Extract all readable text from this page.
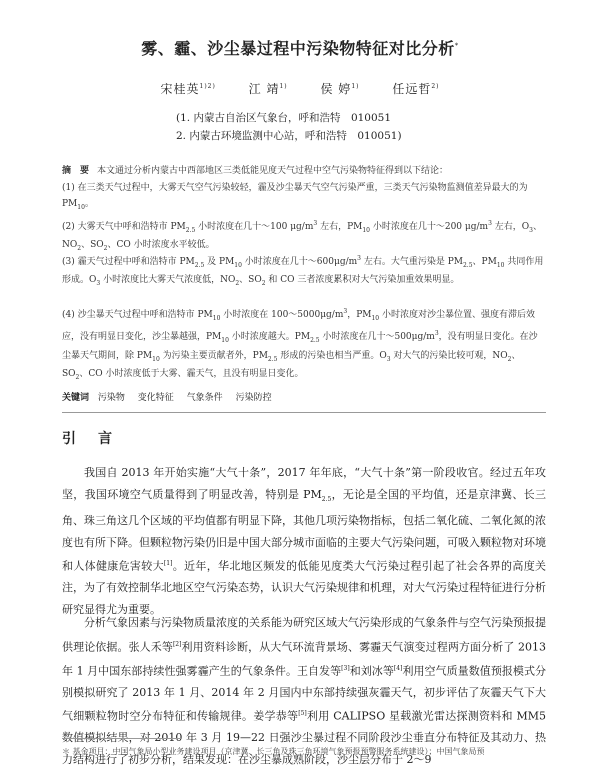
雾、霾、沙尘暴过程中污染物特征对比分析*
宋桂英$^{1)2)}$	江 靖$^{1)}$	侯 婷$^{1)}$	任远哲$^{2)}$
(1. 内蒙古自治区气象台，呼和浩特　010051
2. 内蒙古环境监测中心站，呼和浩特　010051)
摘　要 本文通过分析内蒙古中西部地区三类低能见度天气过程中空气污染物特征得到以下结论：
(1) 在三类天气过程中，大雾天气空气污染较轻，霾及沙尘暴天气空气污染严重，三类天气污染物监测值差异最大的为 $PM_{10}$。
(2) 大雾天气中呼和浩特市 $PM_{2.5}$ 小时浓度在几十～100 $\mu g/m^3$ 左右，$PM_{10}$ 小时浓度在几十～200 $\mu g/m^3$ 左右，$O_3$、$NO_2$、$SO_2$、CO 小时浓度水平较低。
(3) 霾天气过程中呼和浩特市 $PM_{2.5}$ 及 $PM_{10}$ 小时浓度在几十$\sim 600\mu g/m^3$ 左右。大气重污染是 $PM_{2.5}$、$PM_{10}$ 共同作用形成。$O_3$ 小时浓度比大雾天气浓度低，$NO_2$、$SO_2$ 和 CO 三者浓度累积对大气污染加重效果明显。
(4) 沙尘暴天气过程中呼和浩特市 $PM_{10}$ 小时浓度在 $100\sim 5000\mu g/m^3$，$PM_{10}$ 小时浓度对沙尘暴位置、强度有滞后效应，没有明显日变化，沙尘暴越强，$PM_{10}$ 小时浓度越大。$PM_{2.5}$ 小时浓度在几十$\sim 500\mu g/m^3$，没有明显日变化。在沙尘暴天气期间，除 $PM_{10}$ 为污染主要贡献者外，$PM_{2.5}$ 形成的污染也相当严重。$O_3$ 对大气的污染比较可观，$NO_2$、$SO_2$、CO 小时浓度低于大雾、霾天气，且没有明显日变化。
关键词 污染物 变化特征 气象条件 污染防控
引　言
我国自 2013 年开始实施“大气十条”，2017 年年底，“大气十条”第一阶段收官。经过五年攻坚，我国环境空气质量得到了明显改善，特别是 $PM_{2.5}$，无论是全国的平均值，还是京津冀、长三角、珠三角这几个区域的平均值都有明显下降，其他几项污染物指标，包括二氧化硫、二氧化氮的浓度也有所下降。但颗粒物污染仍旧是中国大部分城市面临的主要大气污染问题，可吸入颗粒物对环境和人体健康危害较大[1]。近年，华北地区频发的低能见度类大气污染过程引起了社会各界的高度关注，为了有效控制华北地区空气污染态势，认识大气污染规律和机理，对大气污染过程特征进行分析研究显得尤为重要。
分析气象因素与污染物质量浓度的关系能为研究区域大气污染形成的气象条件与空气污染预报提供理论依据。张人禾等[2]利用资料诊断，从大气环流背景场、雾霾天气演变过程两方面分析了 2013 年 1 月中国东部持续性强雾霾产生的气象条件。王自发等[3]和刘冰等[4]利用空气质量数值预报模式分别模拟研究了 2013 年 1 月、2014 年 2 月国内中东部持续强灰霾天气，初步评估了灰霾天气下大气细颗粒物时空分布特征和传输规律。姜学恭等[5]利用 CALIPSO 星载激光雷达探测资料和 MM5 数值模拟结果，对 2010 年 3 月 19—22 日强沙尘暴过程不同阶段沙尘垂直分布特征及其动力、热力结构进行了初步分析，结果发现：在沙尘暴成熟阶段，沙尘层分布于 2～9
＊ 基金项目：中国气象局小型业务建设项目（京津冀、长三角及珠三角环境气象预报预警服务系统建设）；中国气象局预
